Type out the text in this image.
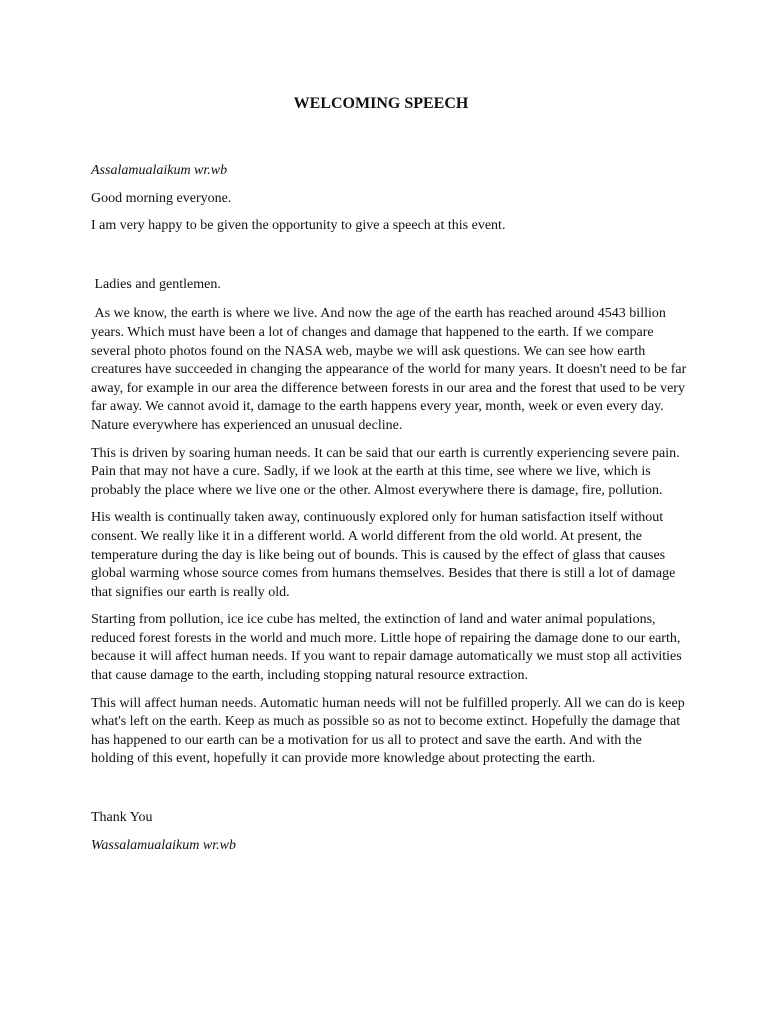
WELCOMING SPEECH

Assalamualaikum wr.wb

Good morning everyone.

I am very happy to be given the opportunity to give a speech at this event.

Ladies and gentlemen.

As we know, the earth is where we live. And now the age of the earth has reached around 4543 billion years. Which must have been a lot of changes and damage that happened to the earth. If we compare several photo photos found on the NASA web, maybe we will ask questions. We can see how earth creatures have succeeded in changing the appearance of the world for many years. It doesn't need to be far away, for example in our area the difference between forests in our area and the forest that used to be very far away. We cannot avoid it, damage to the earth happens every year, month, week or even every day. Nature everywhere has experienced an unusual decline.

This is driven by soaring human needs. It can be said that our earth is currently experiencing severe pain. Pain that may not have a cure. Sadly, if we look at the earth at this time, see where we live, which is probably the place where we live one or the other. Almost everywhere there is damage, fire, pollution.

His wealth is continually taken away, continuously explored only for human satisfaction itself without consent. We really like it in a different world. A world different from the old world. At present, the temperature during the day is like being out of bounds. This is caused by the effect of glass that causes global warming whose source comes from humans themselves. Besides that there is still a lot of damage that signifies our earth is really old.

Starting from pollution, ice ice cube has melted, the extinction of land and water animal populations, reduced forest forests in the world and much more. Little hope of repairing the damage done to our earth, because it will affect human needs. If you want to repair damage automatically we must stop all activities that cause damage to the earth, including stopping natural resource extraction.

This will affect human needs. Automatic human needs will not be fulfilled properly. All we can do is keep what's left on the earth. Keep as much as possible so as not to become extinct. Hopefully the damage that has happened to our earth can be a motivation for us all to protect and save the earth. And with the holding of this event, hopefully it can provide more knowledge about protecting the earth.

Thank You

Wassalamualaikum wr.wb
